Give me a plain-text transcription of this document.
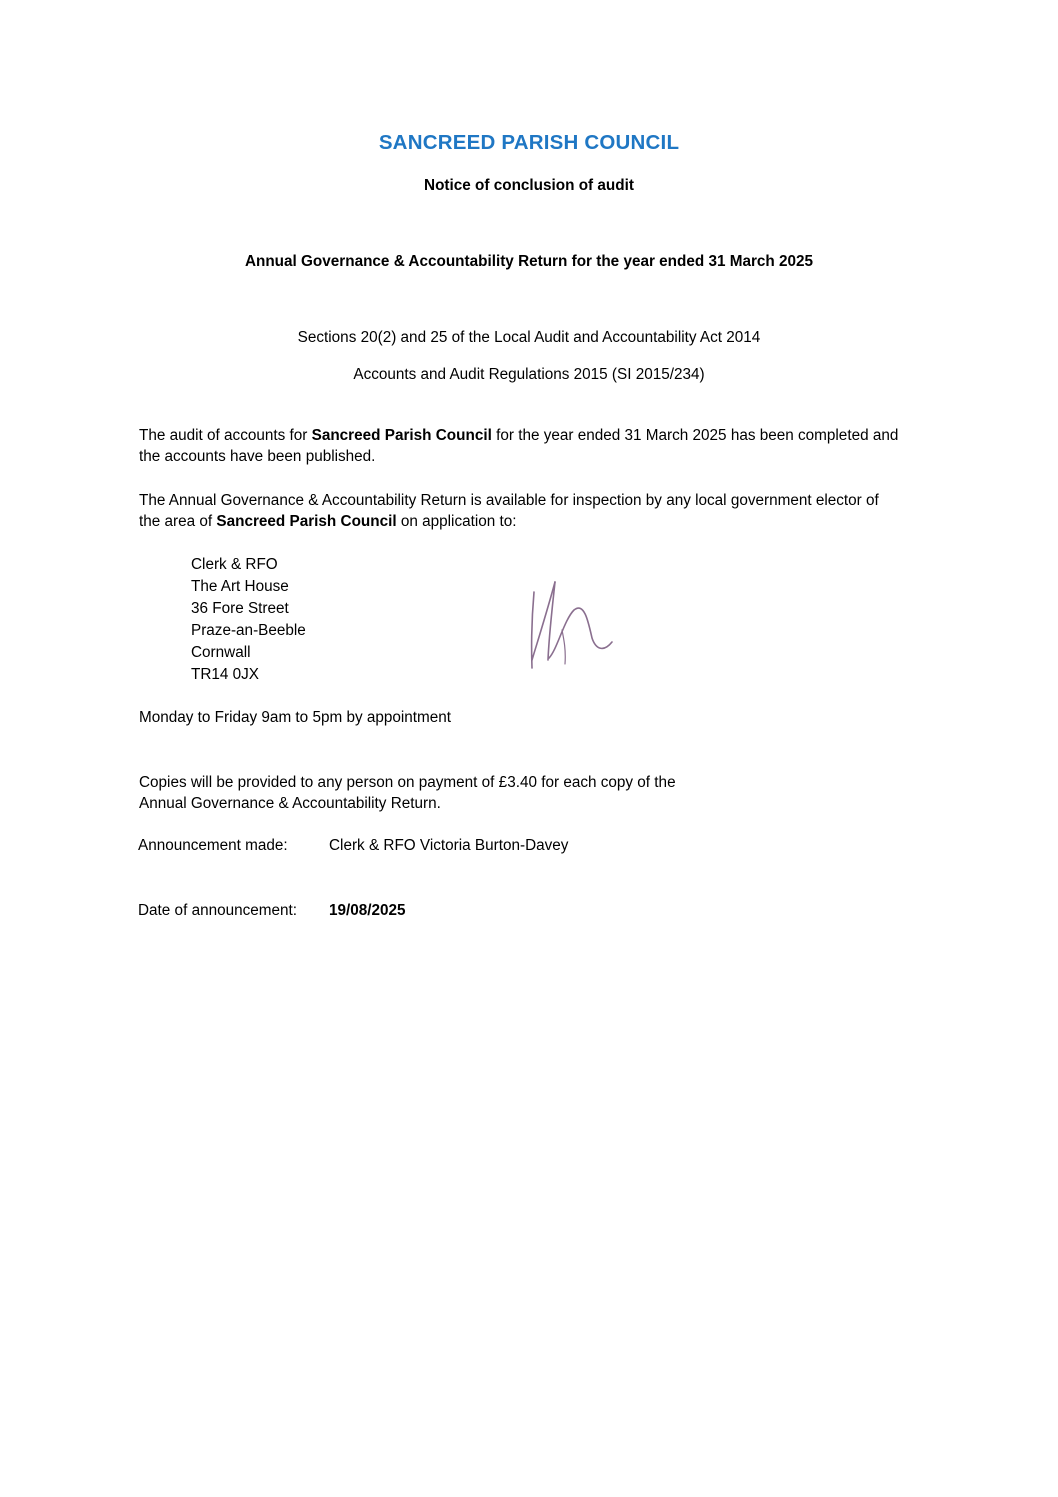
SANCREED PARISH COUNCIL
Notice of conclusion of audit
Annual Governance & Accountability Return for the year ended 31 March 2025
Sections 20(2) and 25 of the Local Audit and Accountability Act 2014
Accounts and Audit Regulations 2015 (SI 2015/234)
The audit of accounts for Sancreed Parish Council for the year ended 31 March 2025 has been completed and
the accounts have been published.
The Annual Governance & Accountability Return is available for inspection by any local government elector of
the area of Sancreed Parish Council on application to:
Clerk & RFO
The Art House
36 Fore Street
Praze-an-Beeble
Cornwall
TR14 0JX
Monday to Friday 9am to 5pm by appointment
Copies will be provided to any person on payment of £3.40 for each copy of the
Annual Governance & Accountability Return.
Announcement made:	Clerk & RFO Victoria Burton-Davey
Date of announcement: 19/08/2025
